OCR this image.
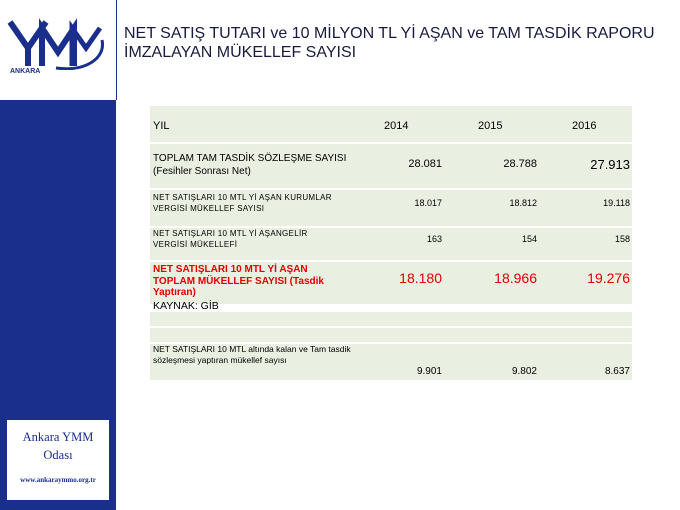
ANKARA
Ankara YMM
Odası
www.ankaraymmo.org.tr
NET SATIŞ TUTARI ve 10 MİLYON TL Yİ AŞAN ve TAM TASDİK RAPORU İMZALAYAN MÜKELLEF SAYISI
YIL	2014	2015	2016
TOPLAM TAM TASDİK SÖZLEŞME SAYISI (Fesihler Sonrası Net)
28.081	28.788	27.913
NET SATIŞLARI 10 MTL Yİ AŞAN KURUMLAR VERGİSİ MÜKELLEF SAYISI
18.017	18.812	19.118
NET SATIŞLARI 10 MTL Yİ AŞANGELİR VERGİSİ MÜKELLEFİ
163	154	158
NET SATIŞLARI 10 MTL Yİ AŞAN TOPLAM MÜKELLEF SAYISI (Tasdik Yaptıran)
18.180	18.966	19.276
KAYNAK: GİB
NET SATIŞLARI 10 MTL altında kalan ve Tam tasdik sözleşmesi yaptıran mükellef sayısı
9.901	9.802	8.637
